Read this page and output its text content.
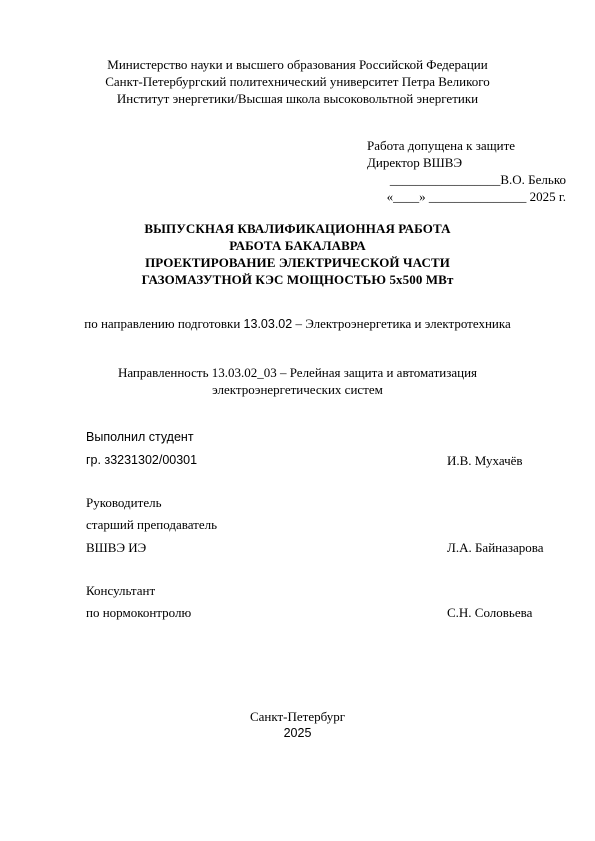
Министерство науки и высшего образования Российской Федерации
Санкт-Петербургский политехнический университет Петра Великого
Институт энергетики/Высшая школа высоковольтной энергетики
Работа допущена к защите
Директор ВШВЭ
_________________В.О. Белько
«____» _______________ 2025 г.
ВЫПУСКНАЯ КВАЛИФИКАЦИОННАЯ РАБОТА
РАБОТА БАКАЛАВРА
ПРОЕКТИРОВАНИЕ ЭЛЕКТРИЧЕСКОЙ ЧАСТИ
ГАЗОМАЗУТНОЙ КЭС МОЩНОСТЬЮ 5х500 МВт
по направлению подготовки 13.03.02 – Электроэнергетика и электротехника
Направленность 13.03.02_03 – Релейная защита и автоматизация
электроэнергетических систем
Выполнил студент
гр. з3231302/00301	И.В. Мухачёв
Руководитель
старший преподаватель
ВШВЭ ИЭ	Л.А. Байназарова
Консультант
по нормоконтролю	С.Н. Соловьева
Санкт-Петербург
2025
